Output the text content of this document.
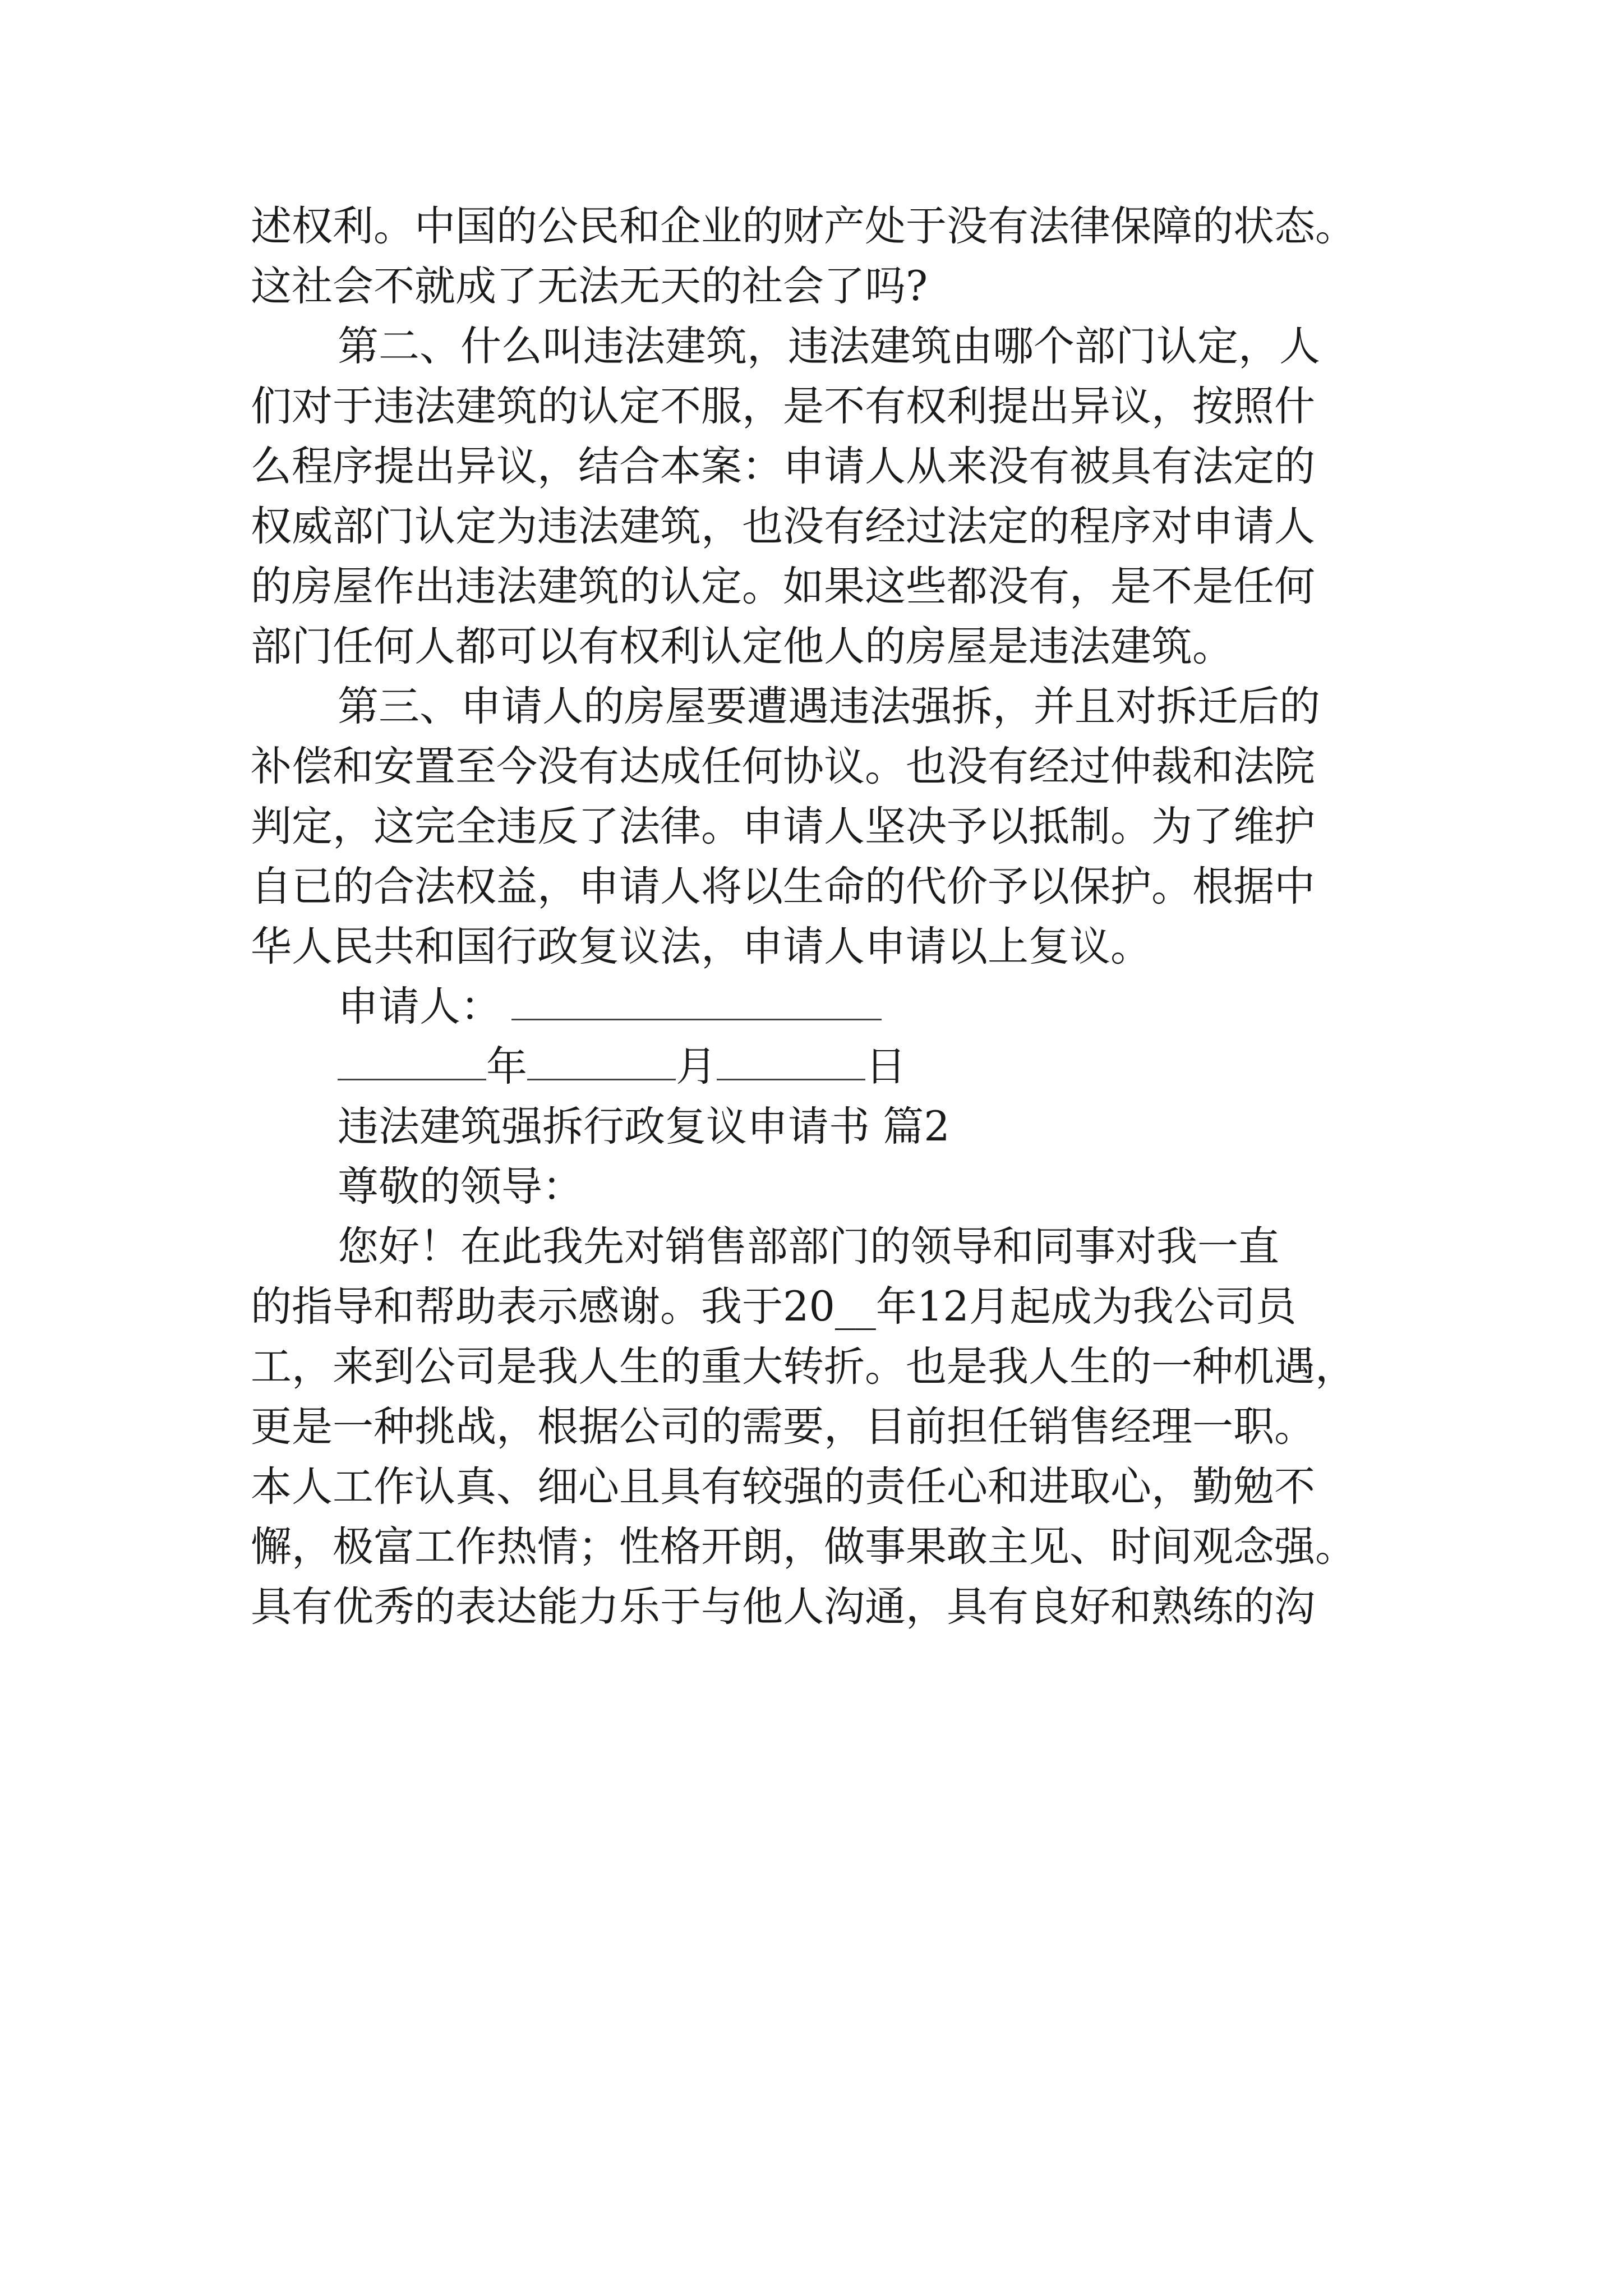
述权利。中国的公民和企业的财产处于没有法律保障的状态。
这社会不就成了无法无天的社会了吗?
第二、什么叫违法建筑，违法建筑由哪个部门认定，人
们对于违法建筑的认定不服，是不有权利提出异议，按照什
么程序提出异议，结合本案：申请人从来没有被具有法定的
权威部门认定为违法建筑，也没有经过法定的程序对申请人
的房屋作出违法建筑的认定。如果这些都没有，是不是任何
部门任何人都可以有权利认定他人的房屋是违法建筑。
第三、申请人的房屋要遭遇违法强拆，并且对拆迁后的
补偿和安置至今没有达成任何协议。也没有经过仲裁和法院
判定，这完全违反了法律。申请人坚决予以抵制。为了维护
自已的合法权益，申请人将以生命的代价予以保护。根据中
华人民共和国行政复议法，申请人申请以上复议。
申请人：
年	月	日
违法建筑强拆行政复议申请书 篇2
尊敬的领导：
您好！在此我先对销售部部门的领导和同事对我一直
的指导和帮助表示感谢。我于20__年12月起成为我公司员
工，来到公司是我人生的重大转折。也是我人生的一种机遇，
更是一种挑战，根据公司的需要，目前担任销售经理一职。
本人工作认真、细心且具有较强的责任心和进取心，勤勉不
懈，极富工作热情；性格开朗，做事果敢主见、时间观念强。
具有优秀的表达能力乐于与他人沟通，具有良好和熟练的沟
